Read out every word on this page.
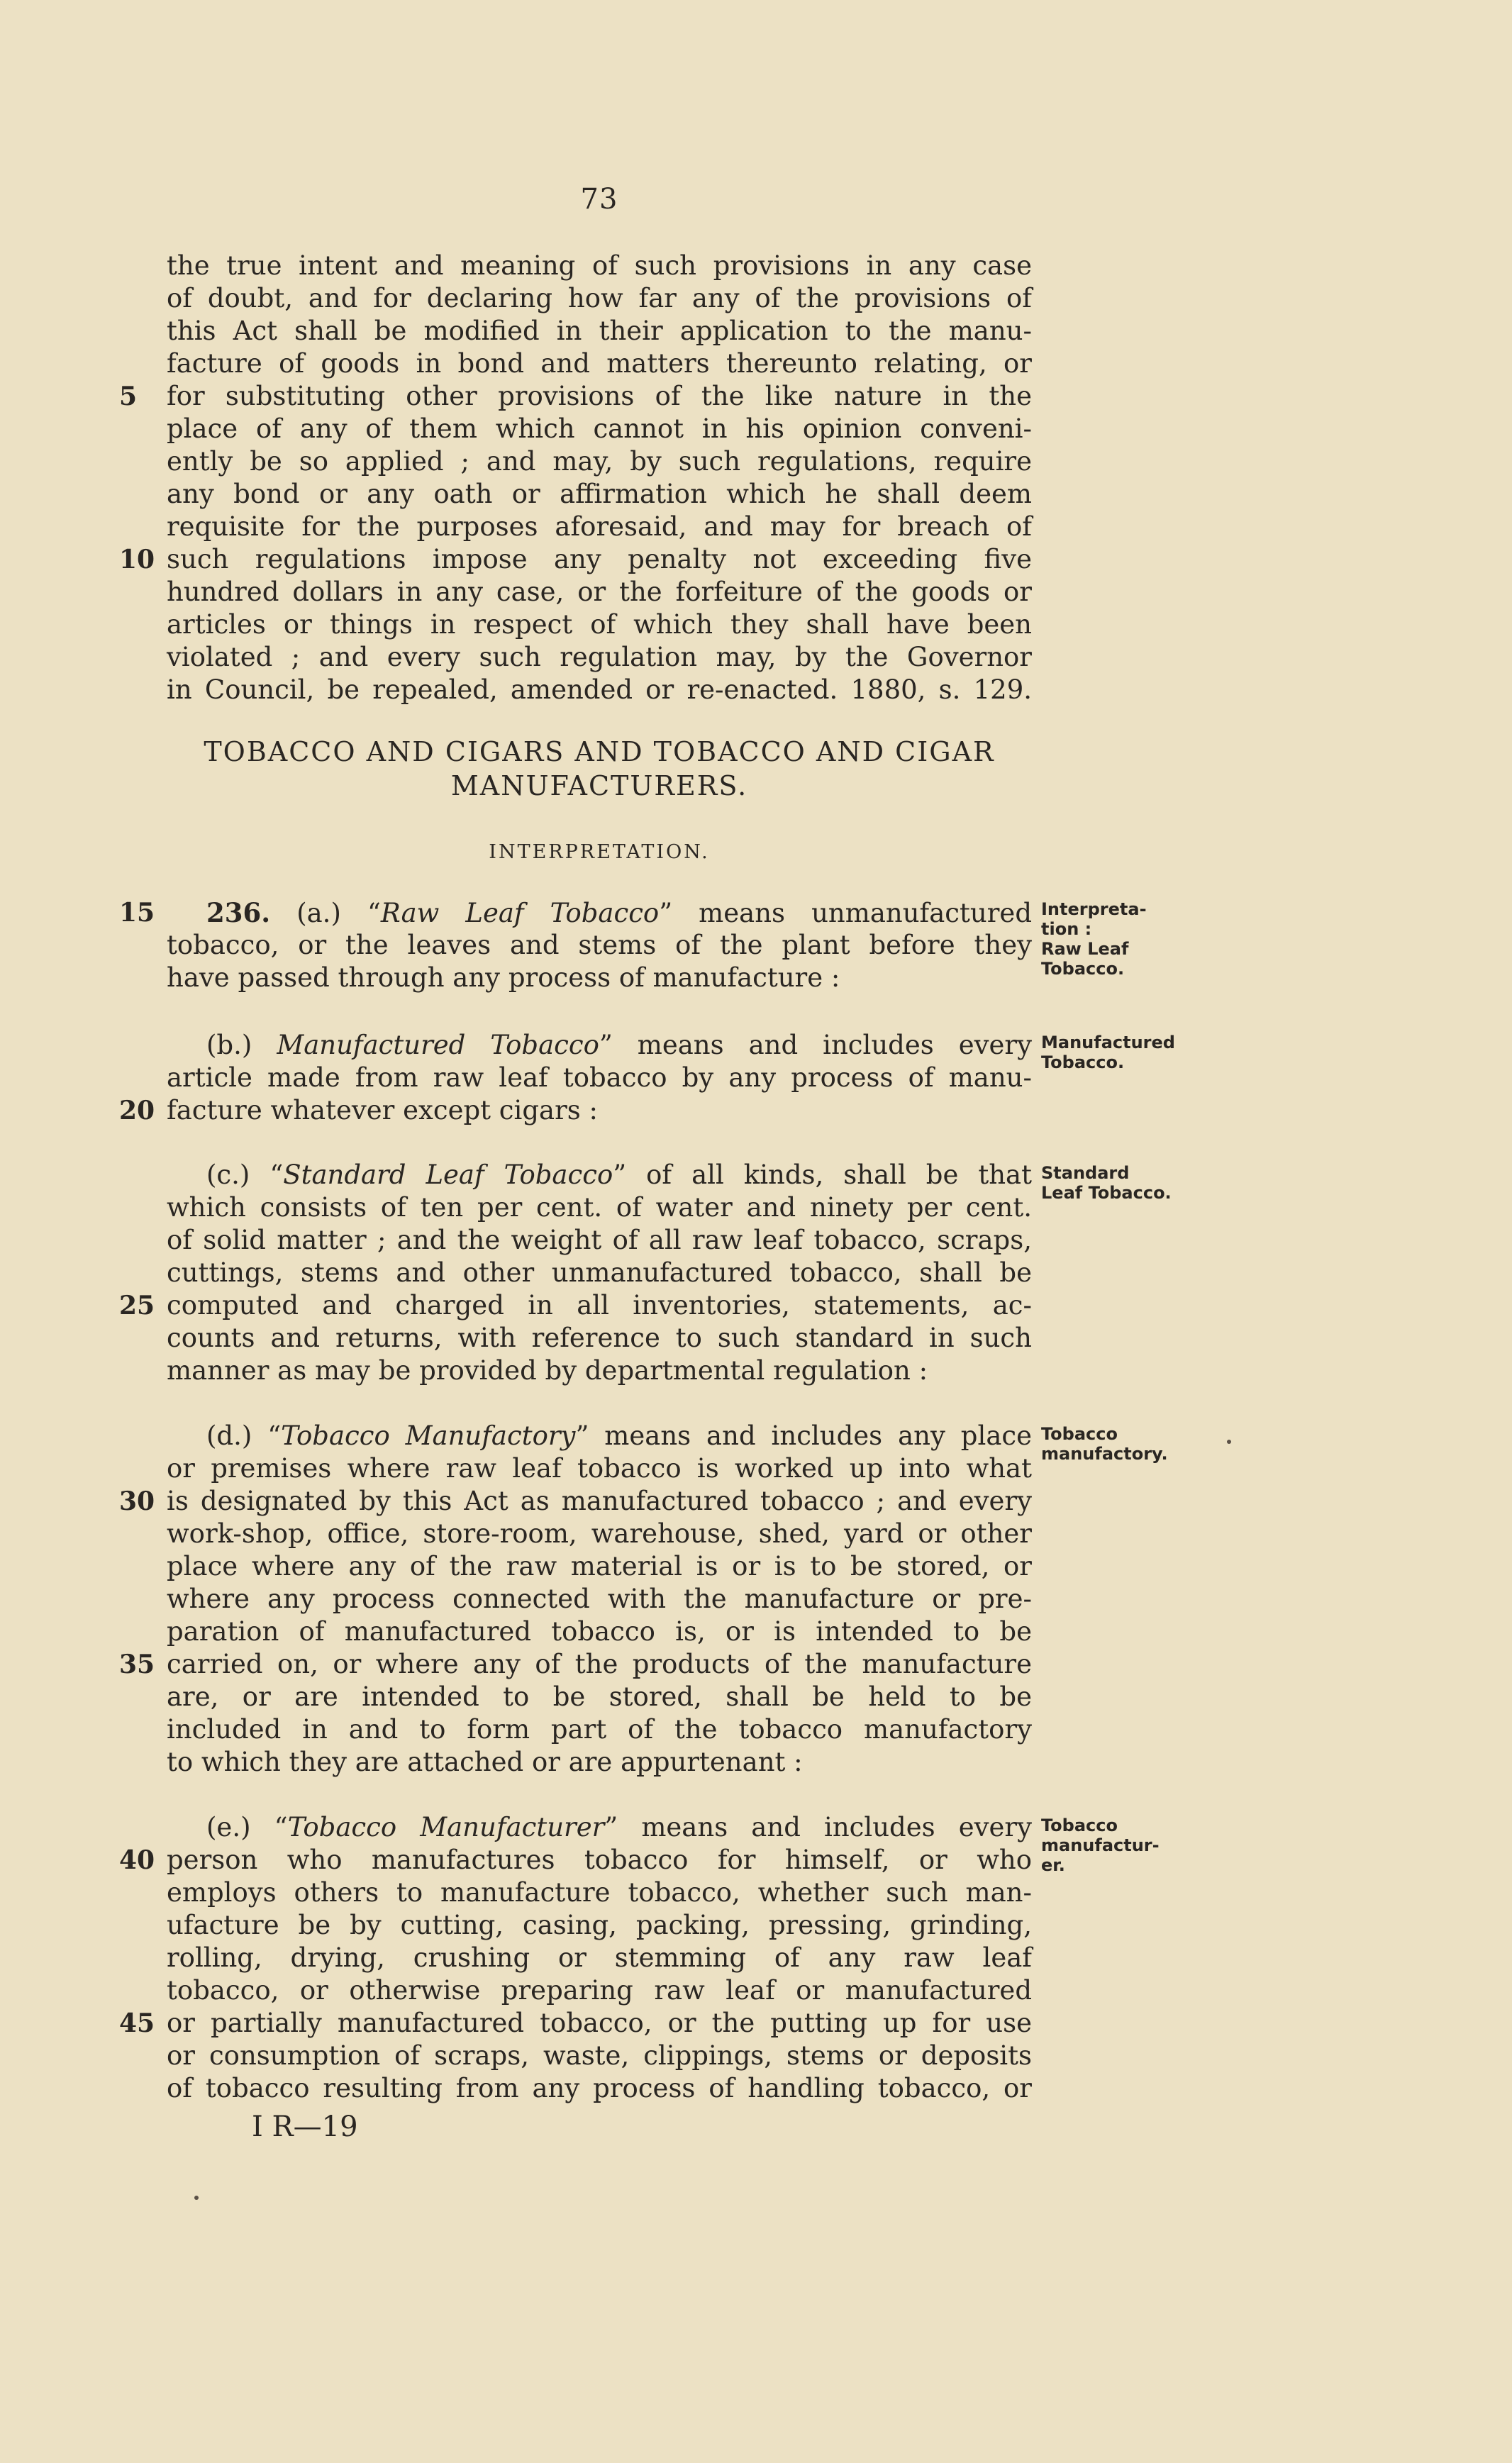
73
the true intent and meaning of such provisions in any case
of doubt, and for declaring how far any of the provisions of
this Act shall be modified in their application to the manu-
facture of goods in bond and matters thereunto relating, or
5	for substituting other provisions of the like nature in the
place of any of them which cannot in his opinion conveni-
ently be so applied ; and may, by such regulations, require
any bond or any oath or affirmation which he shall deem
requisite for the purposes aforesaid, and may for breach of
10 such regulations impose any penalty not exceeding five
hundred dollars in any case, or the forfeiture of the goods or
articles or things in respect of which they shall have been
violated ; and every such regulation may, by the Governor
in Council, be repealed, amended or re-enacted. 1880, s. 129.
TOBACCO AND CIGARS AND TOBACCO AND CIGAR
MANUFACTURERS.
INTERPRETATION.
15	236. (a.) “Raw Leaf Tobacco” means unmanufactured
tobacco, or the leaves and stems of the plant before they
have passed through any process of manufacture :
(b.) Manufactured Tobacco” means and includes every
article made from raw leaf tobacco by any process of manu-
20 facture whatever except cigars :
(c.) “Standard Leaf Tobacco” of all kinds, shall be that
which consists of ten per cent. of water and ninety per cent.
of solid matter ; and the weight of all raw leaf tobacco, scraps,
cuttings, stems and other unmanufactured tobacco, shall be
25 computed and charged in all inventories, statements, ac-
counts and returns, with reference to such standard in such
manner as may be provided by departmental regulation :
(d.) “Tobacco Manufactory” means and includes any place
or premises where raw leaf tobacco is worked up into what
30 is designated by this Act as manufactured tobacco ; and every
work-shop, office, store-room, warehouse, shed, yard or other
place where any of the raw material is or is to be stored, or
where any process connected with the manufacture or pre-
paration of manufactured tobacco is, or is intended to be
35 carried on, or where any of the products of the manufacture
are, or are intended to be stored, shall be held to be
included in and to form part of the tobacco manufactory
to which they are attached or are appurtenant :
(e.) “Tobacco Manufacturer” means and includes every
40 person who manufactures tobacco for himself, or who
employs others to manufacture tobacco, whether such man-
ufacture be by cutting, casing, packing, pressing, grinding,
rolling, drying, crushing or stemming of any raw leaf
tobacco, or otherwise preparing raw leaf or manufactured
45 or partially manufactured tobacco, or the putting up for use
or consumption of scraps, waste, clippings, stems or deposits
of tobacco resulting from any process of handling tobacco, or
Interpreta-
tion :
Raw Leaf
Tobacco.
Manufactured
Tobacco.
Standard
Leaf Tobacco.
Tobacco
manufactory.
Tobacco
manufactur-
er.
I R—19
